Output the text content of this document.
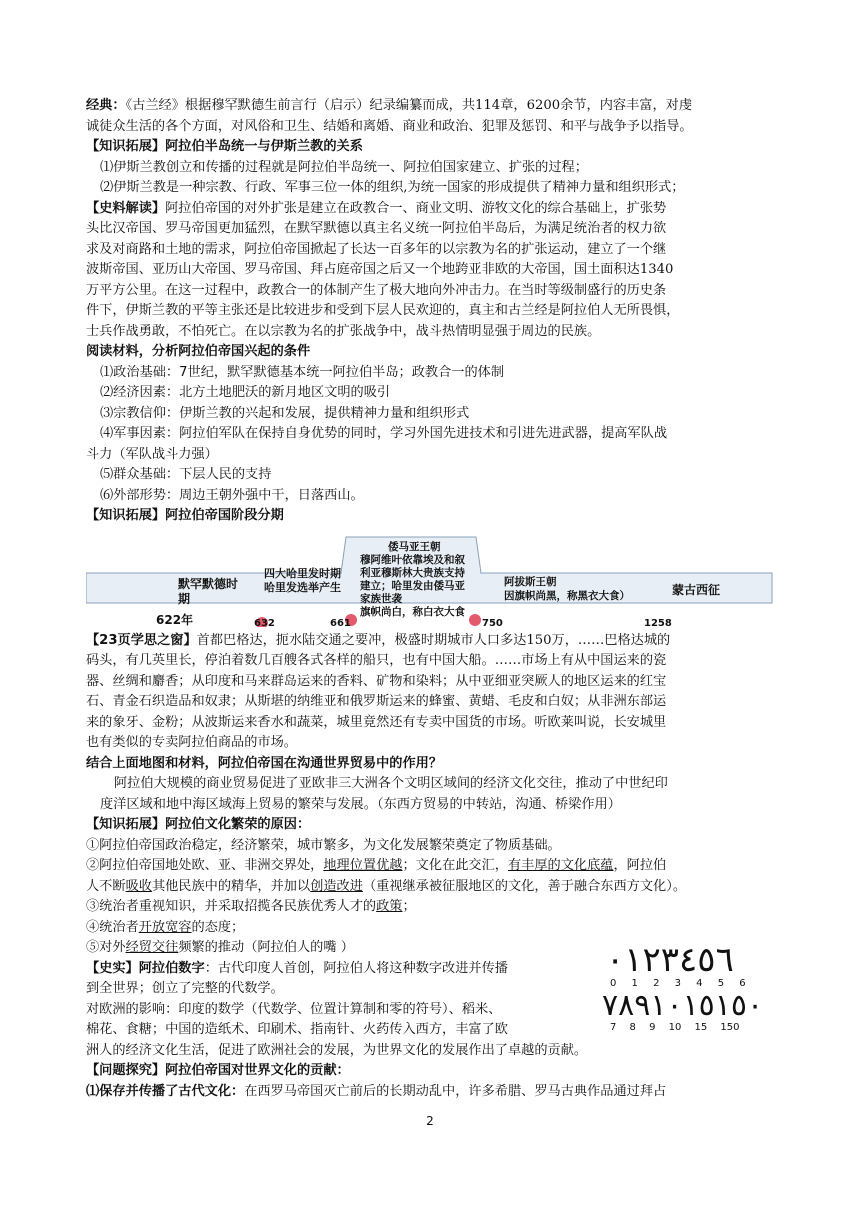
经典：《古兰经》根据穆罕默德生前言行（启示）纪录编纂而成，共114章，6200余节，内容丰富，对虔
诚徒众生活的各个方面，对风俗和卫生、结婚和离婚、商业和政治、犯罪及惩罚、和平与战争予以指导。
【知识拓展】阿拉伯半岛统一与伊斯兰教的关系
⑴伊斯兰教创立和传播的过程就是阿拉伯半岛统一、阿拉伯国家建立、扩张的过程；
⑵伊斯兰教是一种宗教、行政、军事三位一体的组织,为统一国家的形成提供了精神力量和组织形式；
【史料解读】阿拉伯帝国的对外扩张是建立在政教合一、商业文明、游牧文化的综合基础上，扩张势
头比汉帝国、罗马帝国更加猛烈，在默罕默德以真主名义统一阿拉伯半岛后，为满足统治者的权力欲
求及对商路和土地的需求，阿拉伯帝国掀起了长达一百多年的以宗教为名的扩张运动，建立了一个继
波斯帝国、亚历山大帝国、罗马帝国、拜占庭帝国之后又一个地跨亚非欧的大帝国，国土面积达1340
万平方公里。在这一过程中，政教合一的体制产生了极大地向外冲击力。在当时等级制盛行的历史条
件下，伊斯兰教的平等主张还是比较进步和受到下层人民欢迎的，真主和古兰经是阿拉伯人无所畏惧，
士兵作战勇敢，不怕死亡。在以宗教为名的扩张战争中，战斗热情明显强于周边的民族。
阅读材料，分析阿拉伯帝国兴起的条件
⑴政治基础：7世纪，默罕默德基本统一阿拉伯半岛；政教合一的体制
⑵经济因素：北方土地肥沃的新月地区文明的吸引
⑶宗教信仰：伊斯兰教的兴起和发展，提供精神力量和组织形式
⑷军事因素：阿拉伯军队在保持自身优势的同时，学习外国先进技术和引进先进武器，提高军队战
斗力（军队战斗力强）
⑸群众基础：下层人民的支持
⑹外部形势：周边王朝外强中干，日落西山。
【知识拓展】阿拉伯帝国阶段分期
默罕默德时
期
四大哈里发时期
哈里发选举产生
倭马亚王朝
穆阿维叶依靠埃及和叙
利亚穆斯林大贵族支持
建立；哈里发由倭马亚
家族世袭
旗帜尚白，称白衣大食
阿拔斯王朝
因旗帜尚黑，称黑衣大食）	蒙古西征
622年	632	661	750	1258
【23页学思之窗】首都巴格达，扼水陆交通之要冲，极盛时期城市人口多达150万，……巴格达城的
码头，有几英里长，停泊着数几百艘各式各样的船只，也有中国大船。……市场上有从中国运来的瓷
器、丝绸和麝香；从印度和马来群岛运来的香料、矿物和染料；从中亚细亚突厥人的地区运来的红宝
石、青金石织造品和奴隶；从斯堪的纳维亚和俄罗斯运来的蜂蜜、黄蜡、毛皮和白奴；从非洲东部运
来的象牙、金粉；从波斯运来香水和蔬菜，城里竟然还有专卖中国货的市场。听欧莱叫说，长安城里
也有类似的专卖阿拉伯商品的市场。
结合上面地图和材料，阿拉伯帝国在沟通世界贸易中的作用？
阿拉伯大规模的商业贸易促进了亚欧非三大洲各个文明区域间的经济文化交往，推动了中世纪印
度洋区域和地中海区域海上贸易的繁荣与发展。（东西方贸易的中转站，沟通、桥梁作用）
【知识拓展】阿拉伯文化繁荣的原因：
①阿拉伯帝国政治稳定，经济繁荣，城市繁多，为文化发展繁荣奠定了物质基础。
②阿拉伯帝国地处欧、亚、非洲交界处，地理位置优越；文化在此交汇，有丰厚的文化底蕴，阿拉伯
人不断吸收其他民族中的精华，并加以创造改进（重视继承被征服地区的文化，善于融合东西方文化）。
③统治者重视知识，并采取招揽各民族优秀人才的政策；
④统治者开放宽容的态度；
٠١٢٣٤٥٦
0 1 2 3 4 5 6
٧٨٩١٠١٥١٥٠
7 8 9 10 15 150
⑤对外经贸交往频繁的推动（阿拉伯人的嘴 ）
【史实】阿拉伯数字：古代印度人首创，阿拉伯人将这种数字改进并传播
到全世界；创立了完整的代数学。
对欧洲的影响：印度的数学（代数学、位置计算制和零的符号）、稻米、
棉花、食糖；中国的造纸术、印刷术、指南针、火药传入西方，丰富了欧
洲人的经济文化生活，促进了欧洲社会的发展，为世界文化的发展作出了卓越的贡献。
【问题探究】阿拉伯帝国对世界文化的贡献：
⑴保存并传播了古代文化：在西罗马帝国灭亡前后的长期动乱中，许多希腊、罗马古典作品通过拜占
2
